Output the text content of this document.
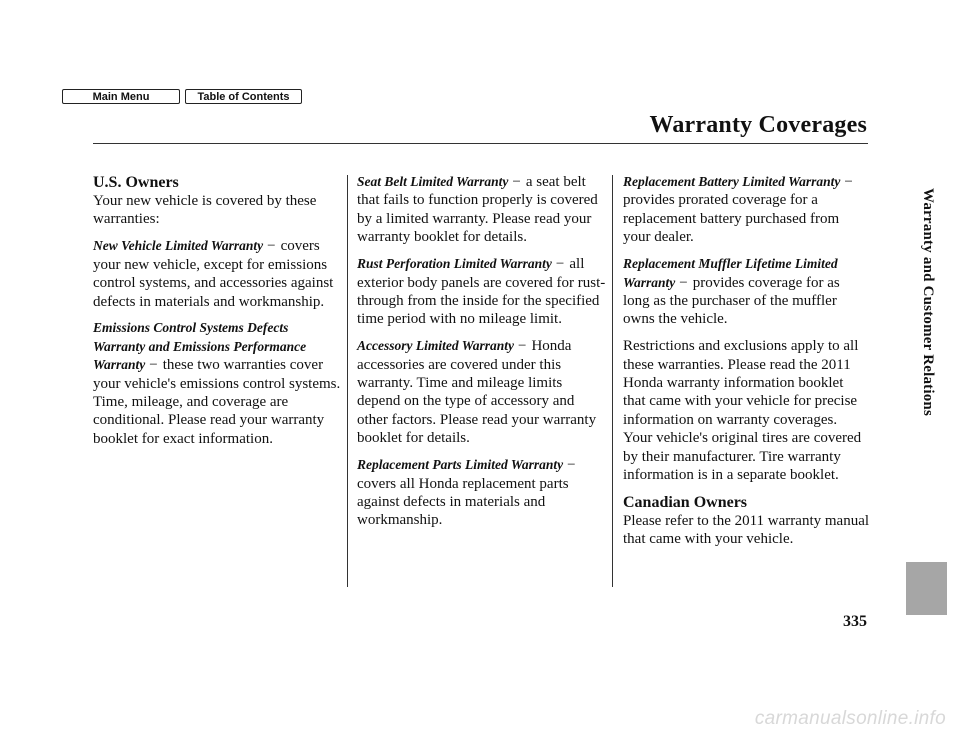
Main Menu	Table of Contents
Warranty Coverages
U.S. Owners

Your new vehicle is covered by these warranties:

New Vehicle Limited Warranty − covers your new vehicle, except for emissions control systems, and accessories against defects in materials and workmanship.

Emissions Control Systems Defects Warranty and Emissions Performance Warranty − these two warranties cover your vehicle's emissions control systems. Time, mileage, and coverage are conditional. Please read your warranty booklet for exact information.

Seat Belt Limited Warranty − a seat belt that fails to function properly is covered by a limited warranty. Please read your warranty booklet for details.

Rust Perforation Limited Warranty − all exterior body panels are covered for rust-through from the inside for the specified time period with no mileage limit.

Accessory Limited Warranty − Honda accessories are covered under this warranty. Time and mileage limits depend on the type of accessory and other factors. Please read your warranty booklet for details.

Replacement Parts Limited Warranty −covers all Honda replacement parts against defects in materials and workmanship.

Replacement Battery Limited Warranty −provides prorated coverage for a replacement battery purchased from your dealer.

Replacement Muffler Lifetime Limited Warranty − provides coverage for as long as the purchaser of the muffler owns the vehicle.

Restrictions and exclusions apply to all these warranties. Please read the 2011 Honda warranty information booklet that came with your vehicle for precise information on warranty coverages. Your vehicle's original tires are covered by their manufacturer. Tire warranty information is in a separate booklet.

Canadian Owners

Please refer to the 2011 warranty manual that came with your vehicle.

Warranty and Customer Relations
335
carmanualsonline.info
